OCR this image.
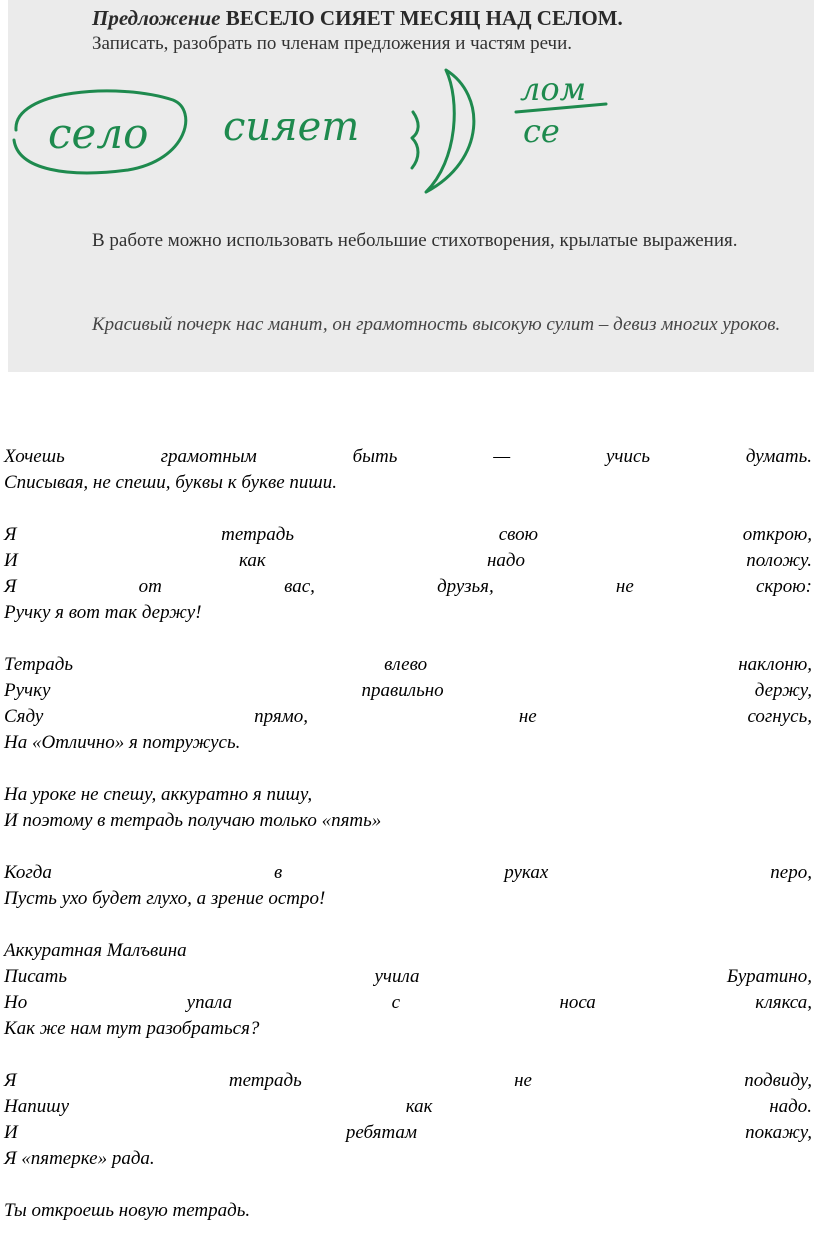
Предложение ВЕСЕЛО СИЯЕТ МЕСЯЦ НАД СЕЛОМ.
Записать, разобрать по членам предложения и частям речи.
село сияет
лом
се
В работе можно использовать небольшие стихотворения, крылатые выражения.
Красивый почерк нас манит, он грамотность высокую сулит – девиз многих уроков.
Хочешь	грамотным	быть	—	учись	думать.
Списывая, не спеши, буквы к букве пиши.
Я	тетрадь	свою	открою,
И	как	надо	положу.
Я	от	вас,	друзья,	не	скрою:
Ручку я вот так держу!
Тетрадь	влево	наклоню,
Ручку	правильно	держу,
Сяду	прямо,	не	согнусь,
На «Отлично» я потружусь.
На уроке не спешу, аккуратно я пишу,
И поэтому в тетрадь получаю только «пять»
Когда	в	руках	перо,
Пусть ухо будет глухо, а зрение остро!
Аккуратная Малъвина
Писать	учила	Буратино,
Но	упала	с	носа	клякса,
Как же нам тут разобраться?
Я	тетрадь	не	подвиду,
Напишу	как	надо.
И	ребятам	покажу,
Я «пятерке» рада.
Ты откроешь новую тетрадь.
